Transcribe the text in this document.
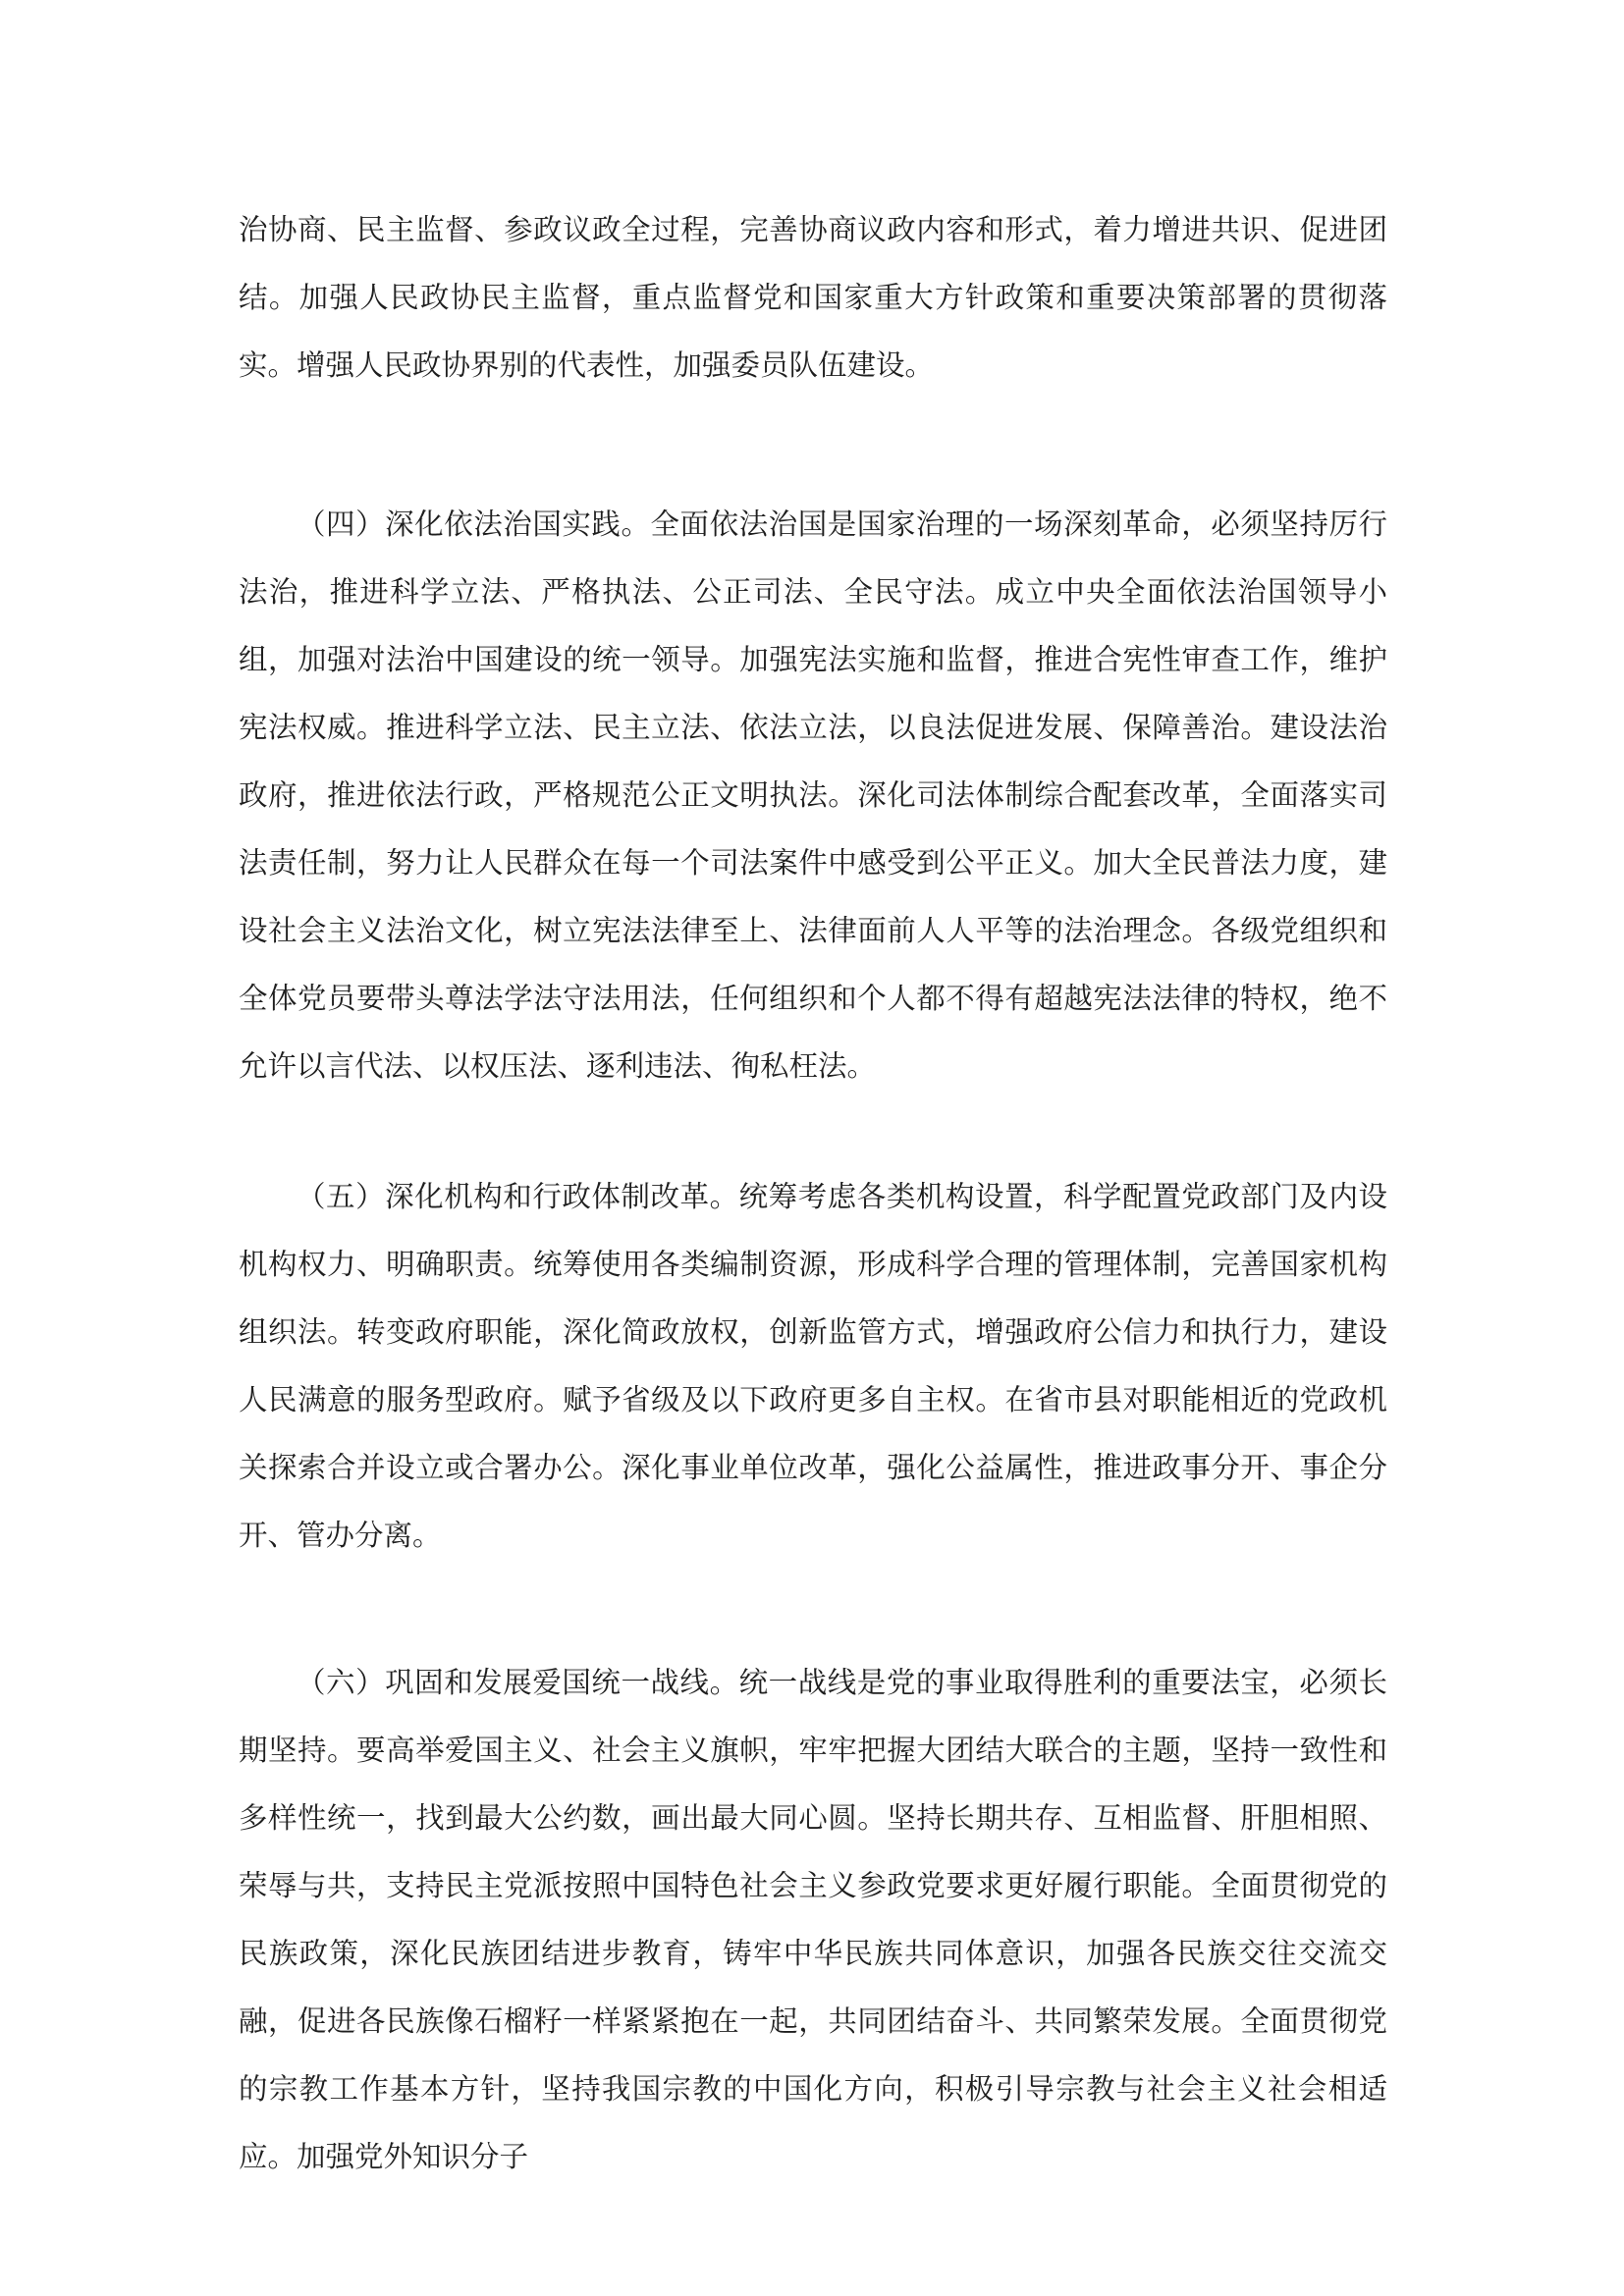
治协商、民主监督、参政议政全过程，完善协商议政内容和形式，着力增进共识、促进团结。加强人民政协民主监督，重点监督党和国家重大方针政策和重要决策部署的贯彻落实。增强人民政协界别的代表性，加强委员队伍建设。

（四）深化依法治国实践。全面依法治国是国家治理的一场深刻革命，必须坚持厉行法治，推进科学立法、严格执法、公正司法、全民守法。成立中央全面依法治国领导小组，加强对法治中国建设的统一领导。加强宪法实施和监督，推进合宪性审查工作，维护宪法权威。推进科学立法、民主立法、依法立法，以良法促进发展、保障善治。建设法治政府，推进依法行政，严格规范公正文明执法。深化司法体制综合配套改革，全面落实司法责任制，努力让人民群众在每一个司法案件中感受到公平正义。加大全民普法力度，建设社会主义法治文化，树立宪法法律至上、法律面前人人平等的法治理念。各级党组织和全体党员要带头尊法学法守法用法，任何组织和个人都不得有超越宪法法律的特权，绝不允许以言代法、以权压法、逐利违法、徇私枉法。

（五）深化机构和行政体制改革。统筹考虑各类机构设置，科学配置党政部门及内设机构权力、明确职责。统筹使用各类编制资源，形成科学合理的管理体制，完善国家机构组织法。转变政府职能，深化简政放权，创新监管方式，增强政府公信力和执行力，建设人民满意的服务型政府。赋予省级及以下政府更多自主权。在省市县对职能相近的党政机关探索合并设立或合署办公。深化事业单位改革，强化公益属性，推进政事分开、事企分开、管办分离。

（六）巩固和发展爱国统一战线。统一战线是党的事业取得胜利的重要法宝，必须长期坚持。要高举爱国主义、社会主义旗帜，牢牢把握大团结大联合的主题，坚持一致性和多样性统一，找到最大公约数，画出最大同心圆。坚持长期共存、互相监督、肝胆相照、荣辱与共，支持民主党派按照中国特色社会主义参政党要求更好履行职能。全面贯彻党的民族政策，深化民族团结进步教育，铸牢中华民族共同体意识，加强各民族交往交流交融，促进各民族像石榴籽一样紧紧抱在一起，共同团结奋斗、共同繁荣发展。全面贯彻党的宗教工作基本方针，坚持我国宗教的中国化方向，积极引导宗教与社会主义社会相适应。加强党外知识分子
